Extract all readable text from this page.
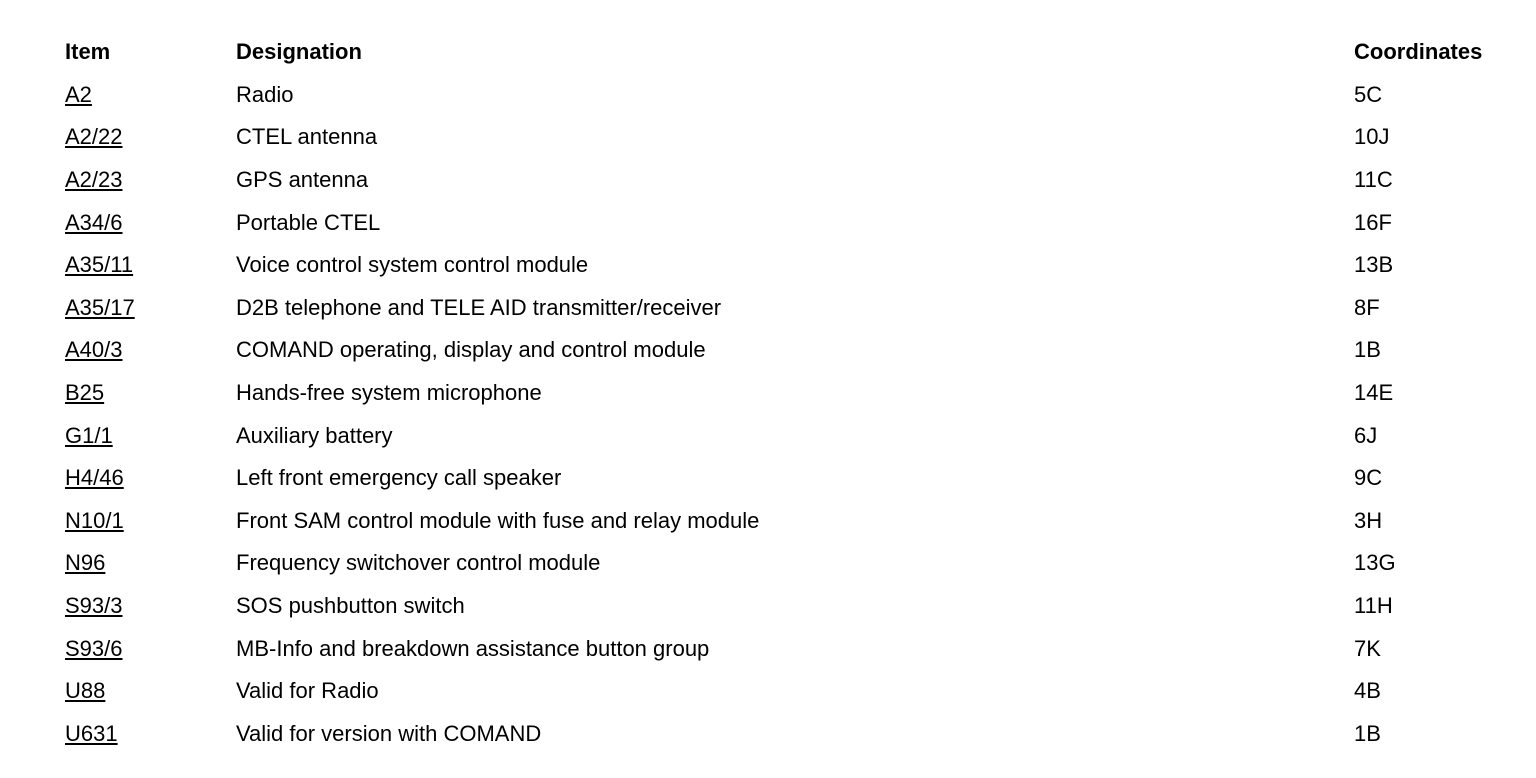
Item	Designation	Coordinates
A2	Radio	5C
A2/22	CTEL antenna	10J
A2/23	GPS antenna	11C
A34/6	Portable CTEL	16F
A35/11	Voice control system control module	13B
A35/17	D2B telephone and TELE AID transmitter/receiver	8F
A40/3	COMAND operating, display and control module	1B
B25	Hands-free system microphone	14E
G1/1	Auxiliary battery	6J
H4/46	Left front emergency call speaker	9C
N10/1	Front SAM control module with fuse and relay module	3H
N96	Frequency switchover control module	13G
S93/3	SOS pushbutton switch	11H
S93/6	MB-Info and breakdown assistance button group	7K
U88	Valid for Radio	4B
U631	Valid for version with COMAND	1B
